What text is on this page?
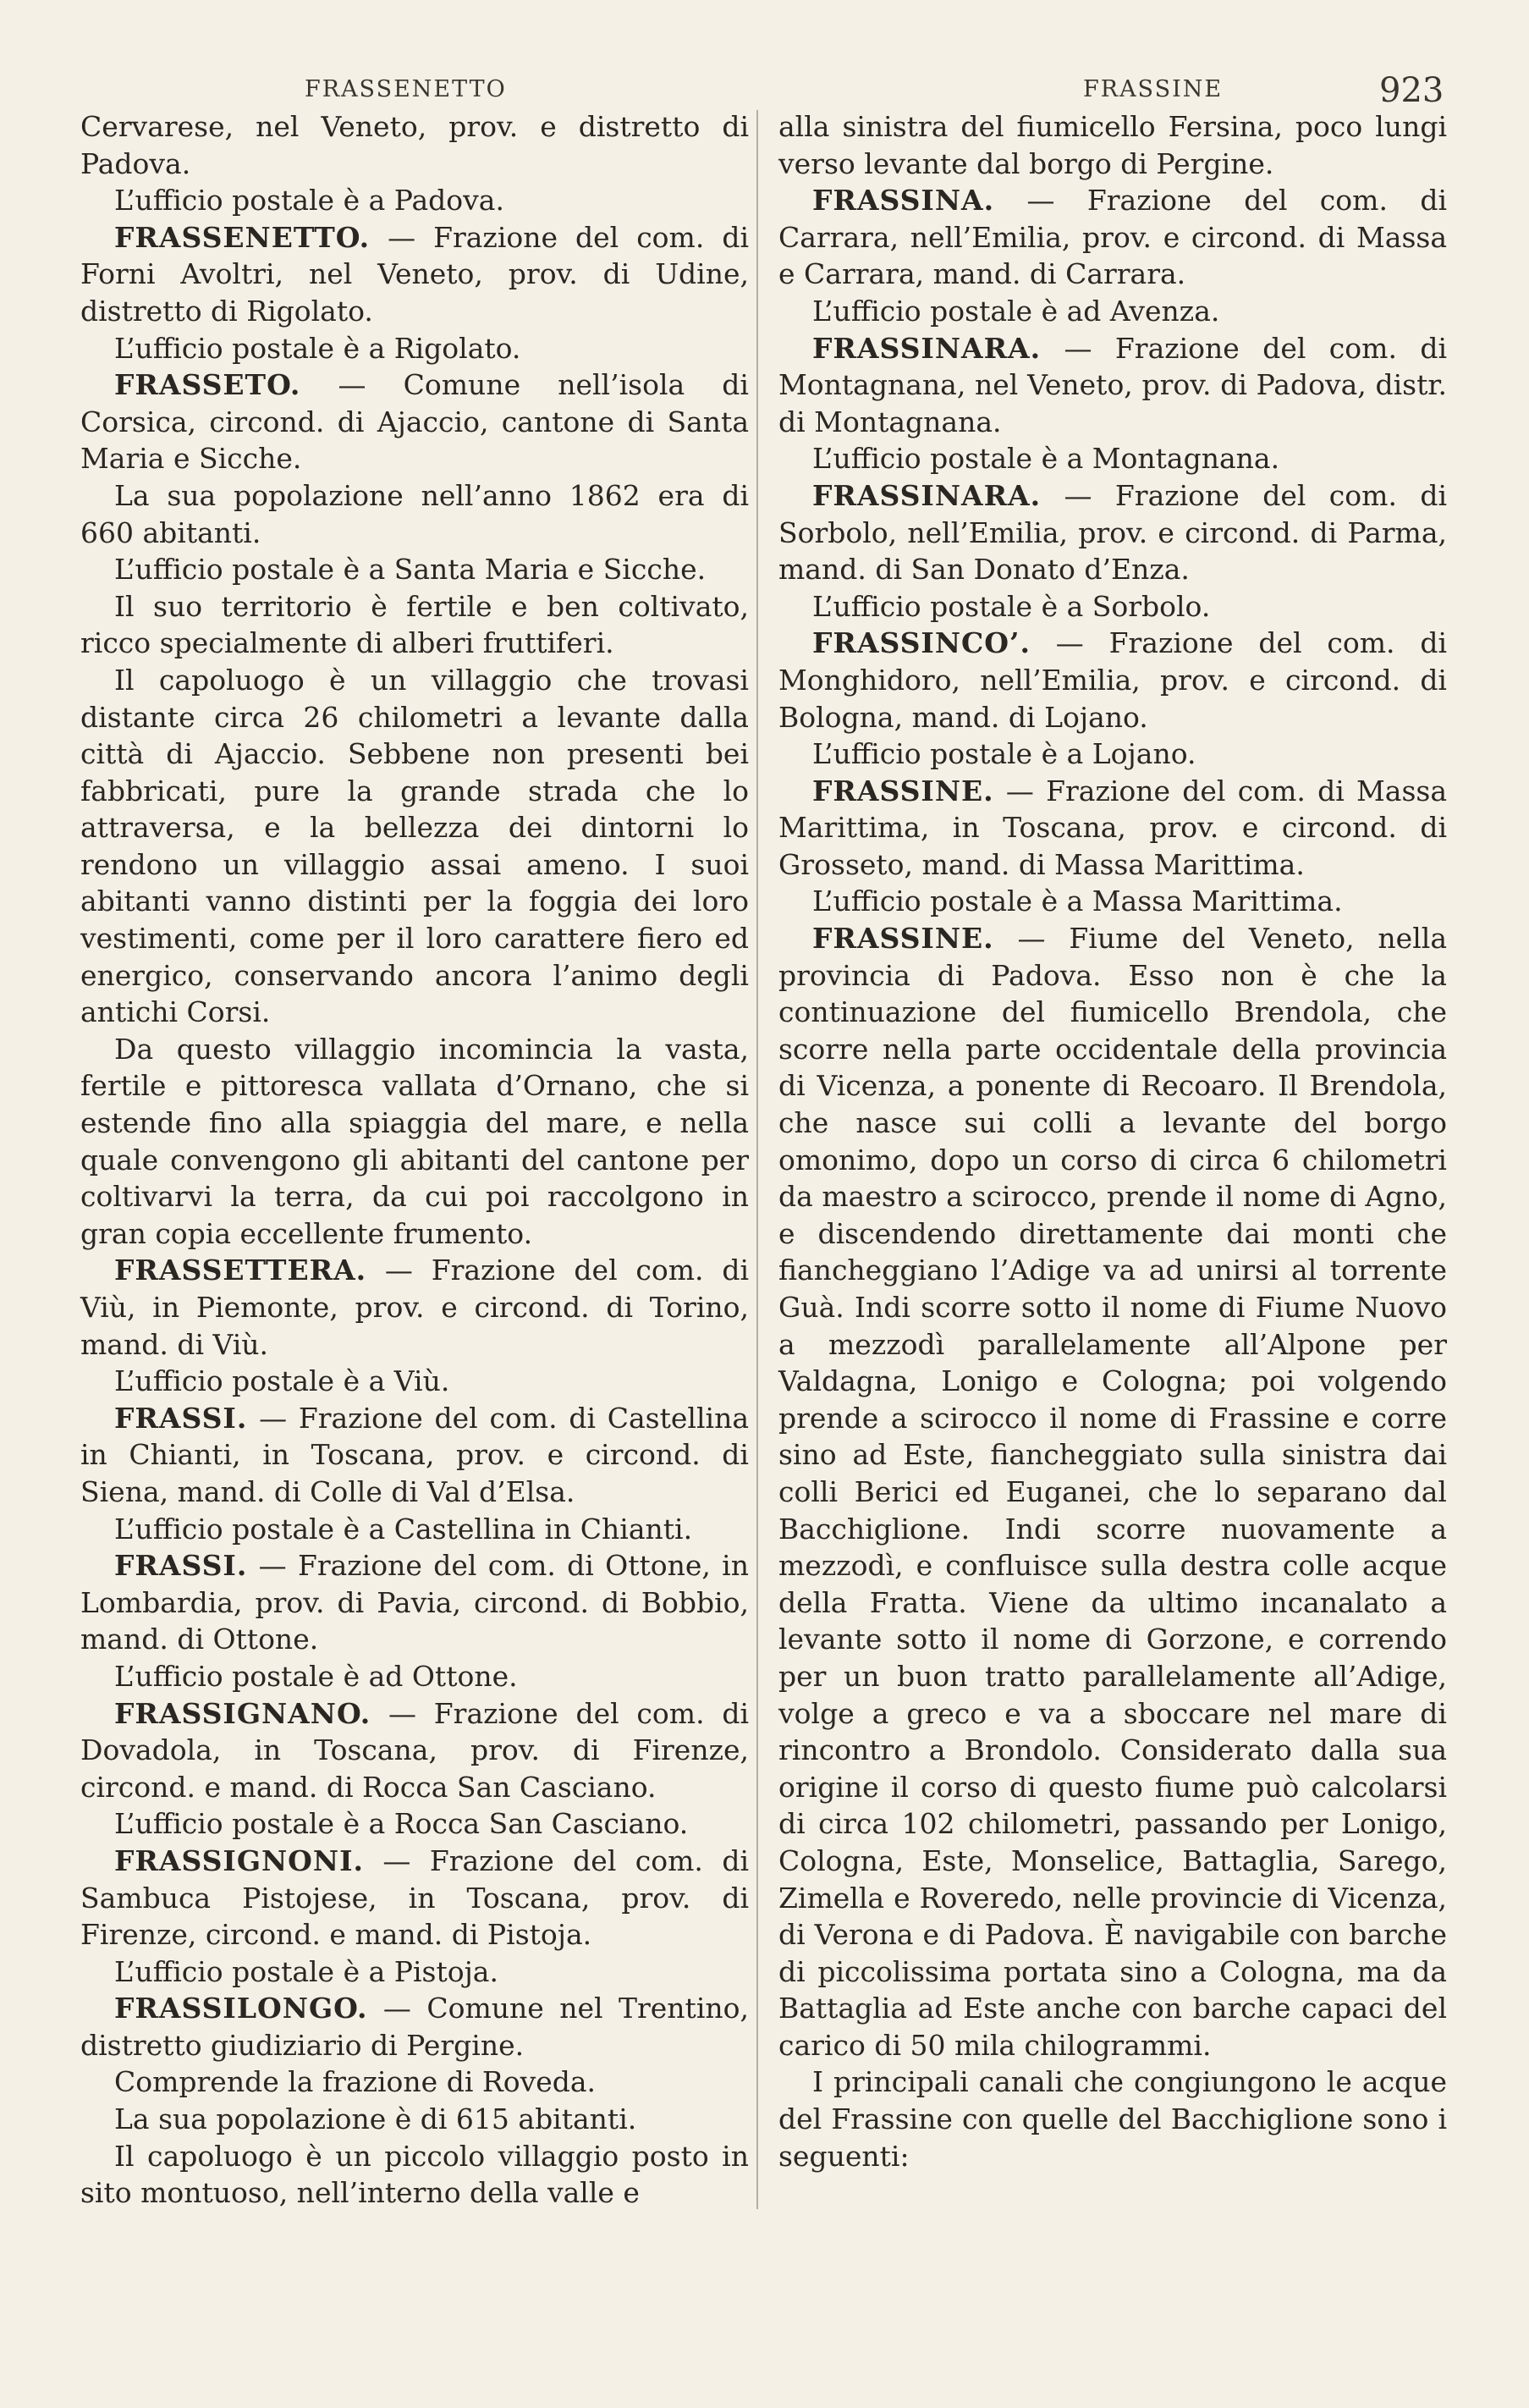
FRASSENETTO	FRASSINE	923

Cervarese, nel Veneto, prov. e distretto di Padova.

L’ufficio postale è a Padova.

FRASSENETTO. — Frazione del com. di Forni Avoltri, nel Veneto, prov. di Udine, distretto di Rigolato.

L’ufficio postale è a Rigolato.

FRASSETO. — Comune nell’isola di Corsica, circond. di Ajaccio, cantone di Santa Maria e Sicche.

La sua popolazione nell’anno 1862 era di 660 abitanti.

L’ufficio postale è a Santa Maria e Sicche.

Il suo territorio è fertile e ben coltivato, ricco specialmente di alberi fruttiferi.

Il capoluogo è un villaggio che trovasi distante circa 26 chilometri a levante dalla città di Ajaccio. Sebbene non presenti bei fabbricati, pure la grande strada che lo attraversa, e la bellezza dei dintorni lo rendono un villaggio assai ameno. I suoi abitanti vanno distinti per la foggia dei loro vestimenti, come per il loro carattere fiero ed energico, conservando ancora l’animo degli antichi Corsi.

Da questo villaggio incomincia la vasta, fertile e pittoresca vallata d’Ornano, che si estende fino alla spiaggia del mare, e nella quale convengono gli abitanti del cantone per coltivarvi la terra, da cui poi raccolgono in gran copia eccellente frumento.

FRASSETTERA. — Frazione del com. di Viù, in Piemonte, prov. e circond. di Torino, mand. di Viù.

L’ufficio postale è a Viù.

FRASSI. — Frazione del com. di Castellina in Chianti, in Toscana, prov. e circond. di Siena, mand. di Colle di Val d’Elsa.

L’ufficio postale è a Castellina in Chianti.

FRASSI. — Frazione del com. di Ottone, in Lombardia, prov. di Pavia, circond. di Bobbio, mand. di Ottone.

L’ufficio postale è ad Ottone.

FRASSIGNANO. — Frazione del com. di Dovadola, in Toscana, prov. di Firenze, circond. e mand. di Rocca San Casciano.

L’ufficio postale è a Rocca San Casciano.

FRASSIGNONI. — Frazione del com. di Sambuca Pistojese, in Toscana, prov. di Firenze, circond. e mand. di Pistoja.

L’ufficio postale è a Pistoja.

FRASSILONGO. — Comune nel Trentino, distretto giudiziario di Pergine.

Comprende la frazione di Roveda.

La sua popolazione è di 615 abitanti.

Il capoluogo è un piccolo villaggio posto in sito montuoso, nell’interno della valle e

alla sinistra del fiumicello Fersina, poco lungi verso levante dal borgo di Pergine.

FRASSINA. — Frazione del com. di Carrara, nell’Emilia, prov. e circond. di Massa e Carrara, mand. di Carrara.

L’ufficio postale è ad Avenza.

FRASSINARA. — Frazione del com. di Montagnana, nel Veneto, prov. di Padova, distr. di Montagnana.

L’ufficio postale è a Montagnana.

FRASSINARA. — Frazione del com. di Sorbolo, nell’Emilia, prov. e circond. di Parma, mand. di San Donato d’Enza.

L’ufficio postale è a Sorbolo.

FRASSINCO’. — Frazione del com. di Monghidoro, nell’Emilia, prov. e circond. di Bologna, mand. di Lojano.

L’ufficio postale è a Lojano.

FRASSINE. — Frazione del com. di Massa Marittima, in Toscana, prov. e circond. di Grosseto, mand. di Massa Marittima.

L’ufficio postale è a Massa Marittima.

FRASSINE. — Fiume del Veneto, nella provincia di Padova. Esso non è che la continuazione del fiumicello Brendola, che scorre nella parte occidentale della provincia di Vicenza, a ponente di Recoaro. Il Brendola, che nasce sui colli a levante del borgo omonimo, dopo un corso di circa 6 chilometri da maestro a scirocco, prende il nome di Agno, e discendendo direttamente dai monti che fiancheggiano l’Adige va ad unirsi al torrente Guà. Indi scorre sotto il nome di Fiume Nuovo a mezzodì parallelamente all’Alpone per Valdagna, Lonigo e Cologna; poi volgendo prende a scirocco il nome di Frassine e corre sino ad Este, fiancheggiato sulla sinistra dai colli Berici ed Euganei, che lo separano dal Bacchiglione. Indi scorre nuovamente a mezzodì, e confluisce sulla destra colle acque della Fratta. Viene da ultimo incanalato a levante sotto il nome di Gorzone, e correndo per un buon tratto parallelamente all’Adige, volge a greco e va a sboccare nel mare di rincontro a Brondolo. Considerato dalla sua origine il corso di questo fiume può calcolarsi di circa 102 chilometri, passando per Lonigo, Cologna, Este, Monselice, Battaglia, Sarego, Zimella e Roveredo, nelle provincie di Vicenza, di Verona e di Padova. È navigabile con barche di piccolissima portata sino a Cologna, ma da Battaglia ad Este anche con barche capaci del carico di 50 mila chilogrammi.

I principali canali che congiungono le acque del Frassine con quelle del Bacchiglione sono i seguenti:
